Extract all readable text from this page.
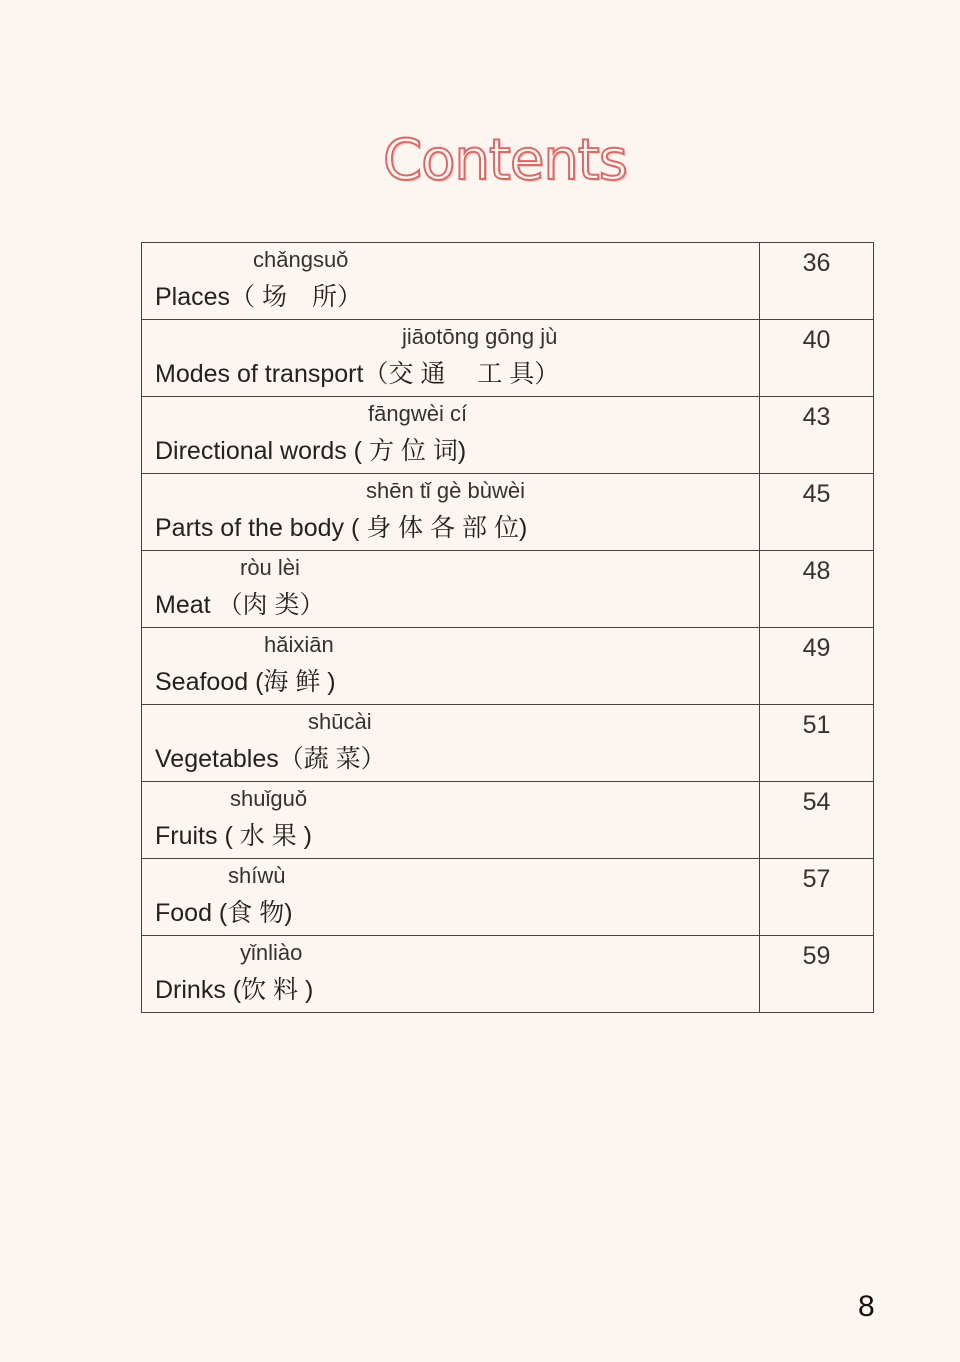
Contents
chǎngsuǒ
Places（ 场　所）	36

jiāotōng gōng jù
Modes of transport（交 通　 工 具）	40

fāngwèi cí
Directional words ( 方 位 词)	43

shēn tǐ gè bùwèi
Parts of the body ( 身 体 各 部 位)	45

ròu lèi
Meat （肉 类）	48

hǎixiān
Seafood (海 鲜 )	49

shūcài
Vegetables（蔬 菜）	51

shuǐguǒ
Fruits ( 水 果 )	54

shíwù
Food (食 物)	57

yǐnliào
Drinks (饮 料 )	59
8
